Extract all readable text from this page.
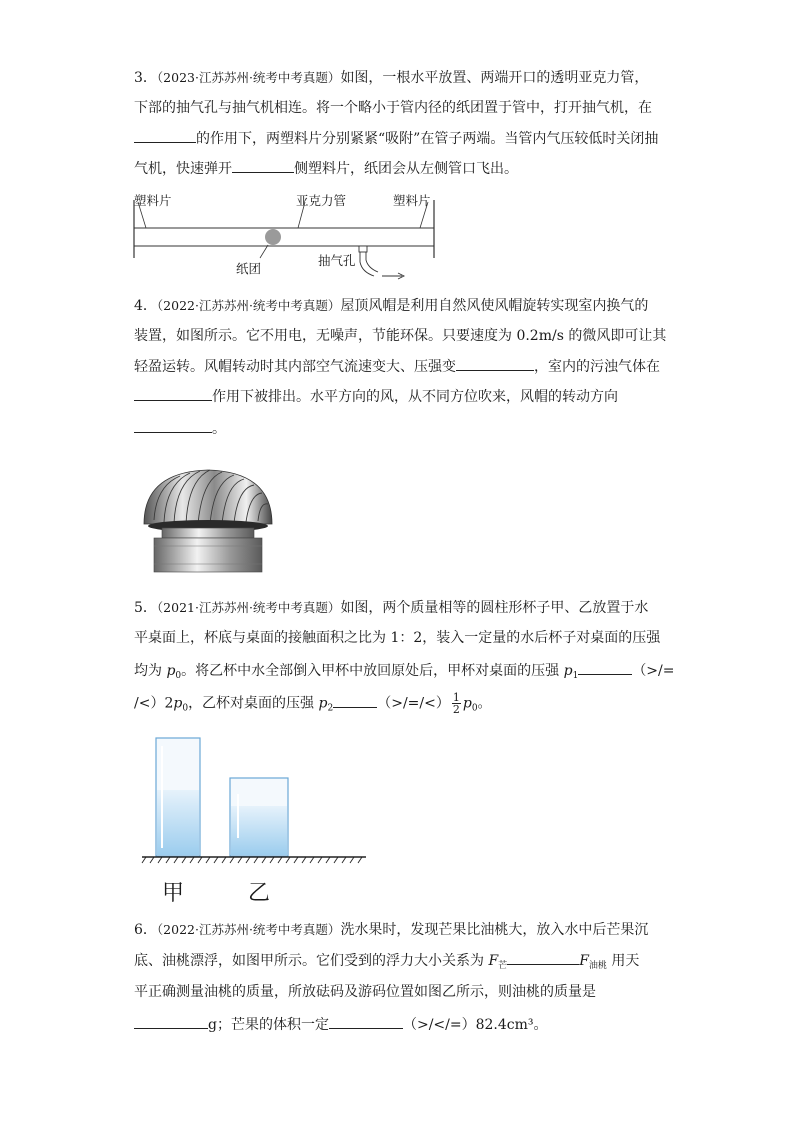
3．（2023·江苏苏州·统考中考真题）如图，一根水平放置、两端开口的透明亚克力管，
下部的抽气孔与抽气机相连。将一个略小于管内径的纸团置于管中，打开抽气机，在
的作用下，两塑料片分别紧紧“吸附”在管子两端。当管内气压较低时关闭抽
气机，快速弹开	侧塑料片，纸团会从左侧管口飞出。
塑料片	亚克力管	塑料片
纸团
抽气孔
4．（2022·江苏苏州·统考中考真题）屋顶风帽是利用自然风使风帽旋转实现室内换气的
装置，如图所示。它不用电，无噪声，节能环保。只要速度为 0.2m/s 的微风即可让其
轻盈运转。风帽转动时其内部空气流速变大、压强变	，室内的污浊气体在
作用下被排出。水平方向的风，从不同方位吹来，风帽的转动方向
。
5．（2021·江苏苏州·统考中考真题）如图，两个质量相等的圆柱形杯子甲、乙放置于水
平桌面上，杯底与桌面的接触面积之比为 1：2，装入一定量的水后杯子对桌面的压强
均为 $p_0$。将乙杯中水全部倒入甲杯中放回原处后，甲杯对桌面的压强 $p_1$	（>/=
$/<)2p_0$，乙杯对桌面的压强 $p_2$	（>/=/<） $\frac{1}{2} p_0$。
甲	乙
6．（2022·江苏苏州·统考中考真题）洗水果时，发现芒果比油桃大，放入水中后芒果沉
底、油桃漂浮，如图甲所示。它们受到的浮力大小关系为 $F_芒$	$F_{油桃}$ 用天
平正确测量油桃的质量，所放砝码及游码位置如图乙所示，则油桃的质量是
g；芒果的体积一定	（>/</=）82.4cm³。
